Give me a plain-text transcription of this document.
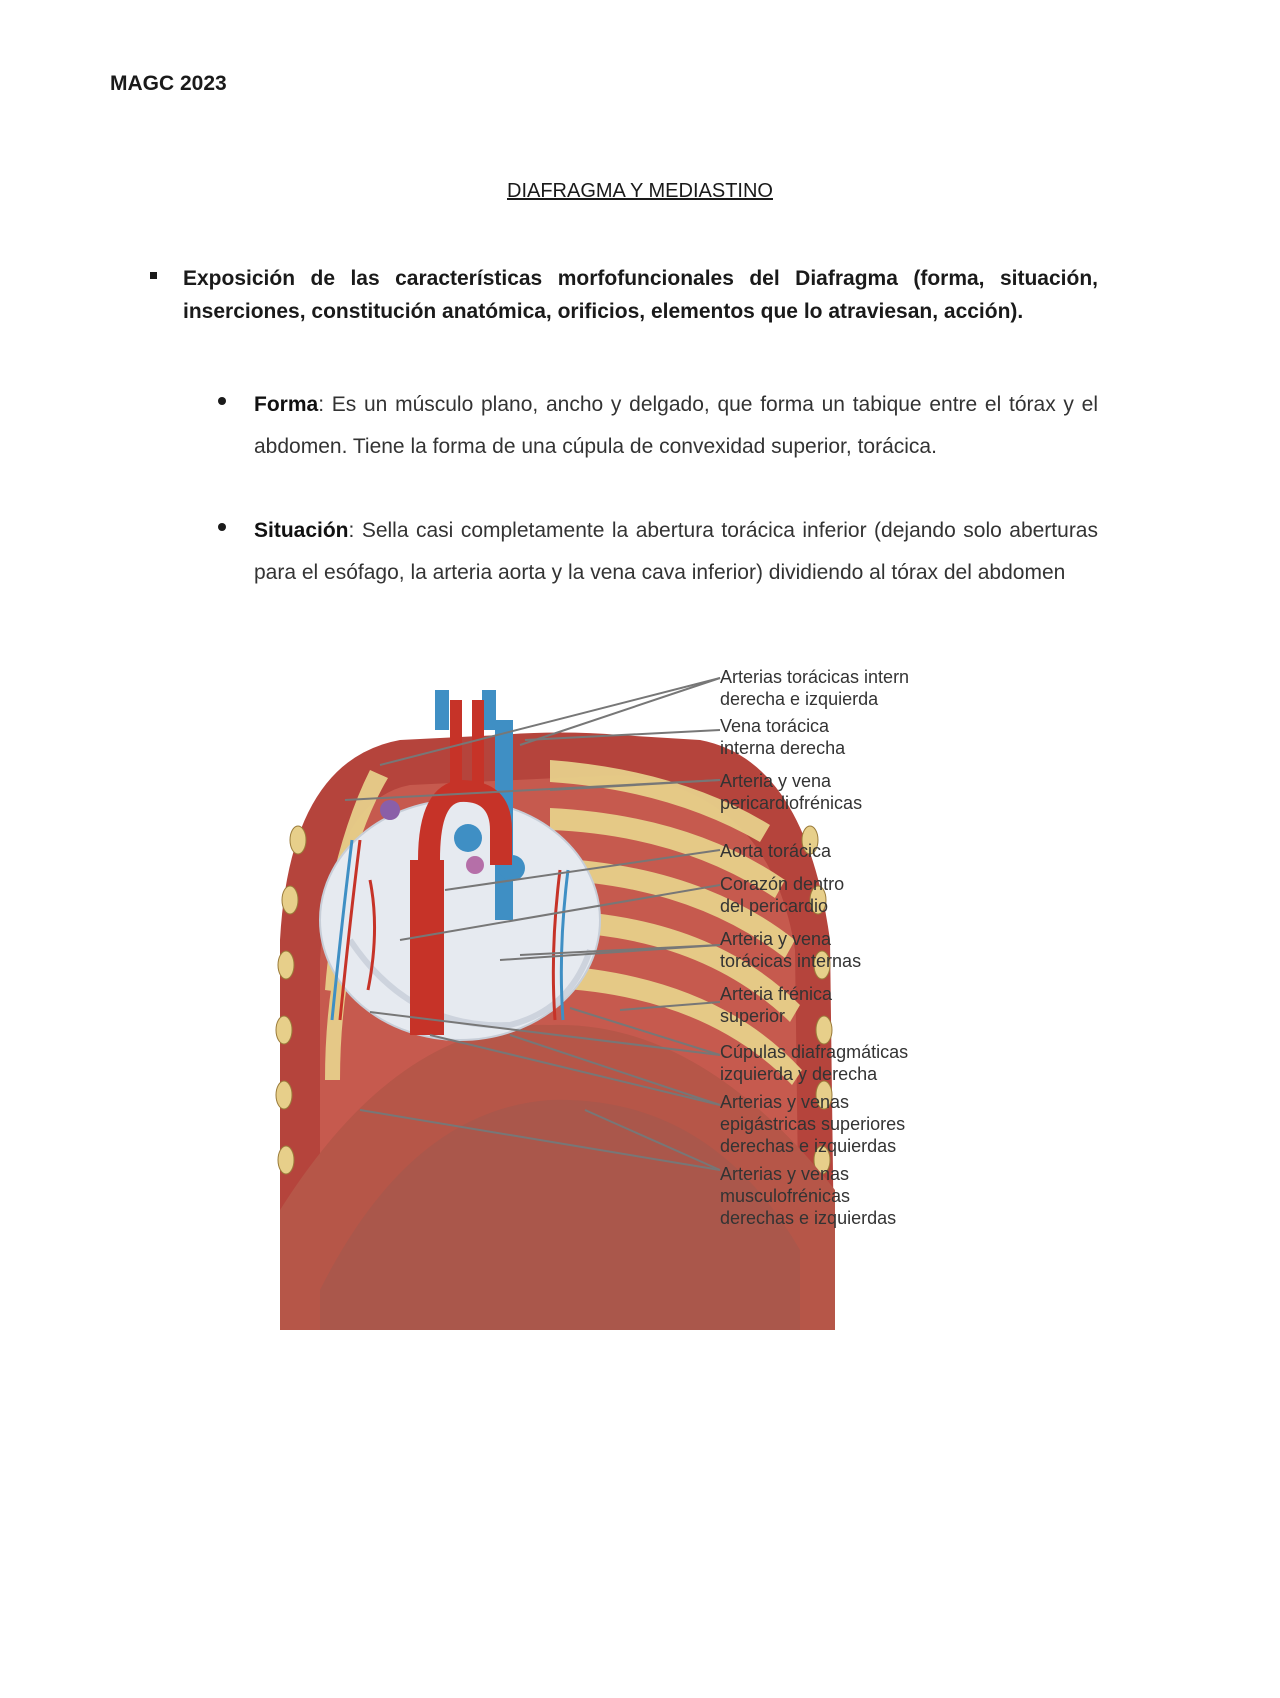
MAGC 2023
DIAFRAGMA Y MEDIASTINO
Exposición de las características morfofuncionales del Diafragma (forma, situación, inserciones, constitución anatómica, orificios, elementos que lo atraviesan, acción).
Forma: Es un músculo plano, ancho y delgado, que forma un tabique entre el tórax y el abdomen. Tiene la forma de una cúpula de convexidad superior, torácica.
Situación: Sella casi completamente la abertura torácica inferior (dejando solo aberturas para el esófago, la arteria aorta y la vena cava inferior) dividiendo al tórax del abdomen
Arterias torácicas intern derecha e izquierda
Vena torácica interna derecha
Arteria y vena pericardiofrénicas
Aorta torácica
Corazón dentro del pericardio
Arteria y vena torácicas internas
Arteria frénica superior
Cúpulas diafragmáticas izquierda y derecha
Arterias y venas epigástricas superiores derechas e izquierdas
Arterias y venas musculofrénicas derechas e izquierdas
